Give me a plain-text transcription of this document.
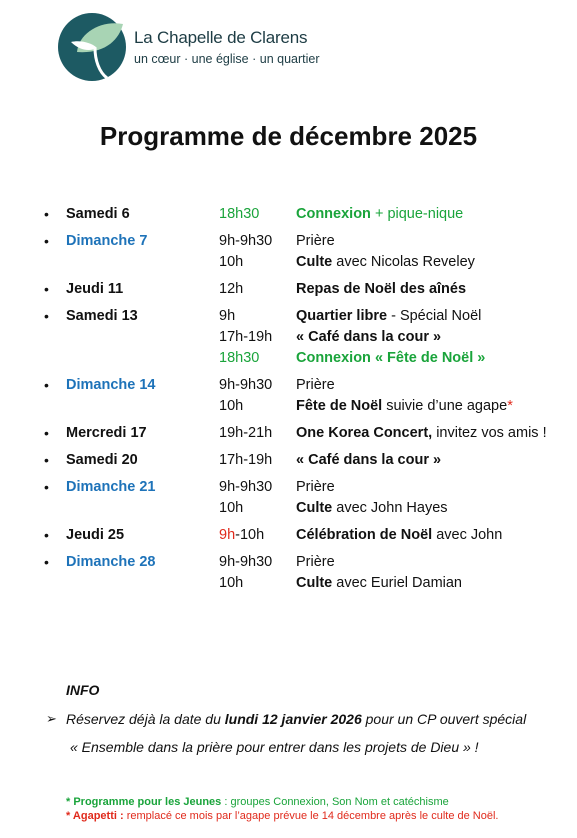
La Chapelle de Clarens
un cœur · une église · un quartier
Programme de décembre 2025
• Samedi 6	18h30	Connexion + pique-nique
• Dimanche 7	9h-9h30	Prière
10h	Culte avec Nicolas Reveley
• Jeudi 11	12h	Repas de Noël des aînés
• Samedi 13	9h	Quartier libre - Spécial Noël
17h-19h	« Café dans la cour »
18h30	Connexion « Fête de Noël »
• Dimanche 14	9h-9h30	Prière
10h	Fête de Noël suivie d’une agape*
• Mercredi 17	19h-21h	One Korea Concert, invitez vos amis !
• Samedi 20	17h-19h	« Café dans la cour »
• Dimanche 21	9h-9h30	Prière
10h	Culte avec John Hayes
• Jeudi 25	9h-10h	Célébration de Noël avec John
• Dimanche 28	9h-9h30	Prière
10h	Culte avec Euriel Damian
INFO
➢ Réservez déjà la date du lundi 12 janvier 2026 pour un CP ouvert spécial
« Ensemble dans la prière pour entrer dans les projets de Dieu » !
* Programme pour les Jeunes : groupes Connexion, Son Nom et catéchisme
* Agapetti : remplacé ce mois par l’agape prévue le 14 décembre après le culte de Noël.
